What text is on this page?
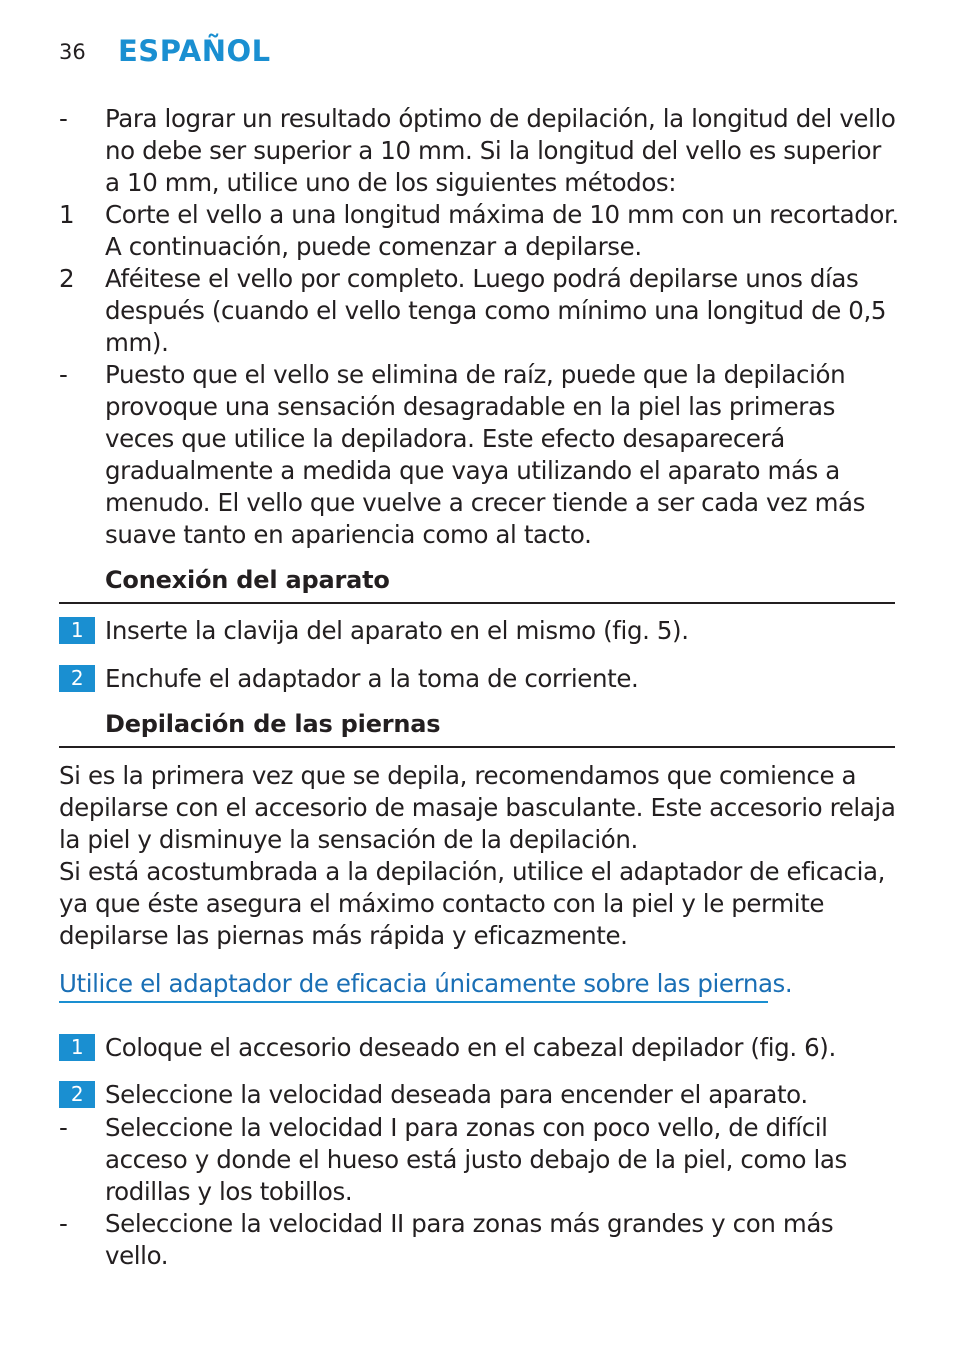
36 ESPAÑOL
- Para lograr un resultado óptimo de depilación, la longitud del vello no debe ser superior a 10 mm. Si la longitud del vello es superior a 10 mm, utilice uno de los siguientes métodos:
1 Corte el vello a una longitud máxima de 10 mm con un recortador. A continuación, puede comenzar a depilarse.
2 Aféitese el vello por completo. Luego podrá depilarse unos días después (cuando el vello tenga como mínimo una longitud de 0,5 mm).
- Puesto que el vello se elimina de raíz, puede que la depilación provoque una sensación desagradable en la piel las primeras veces que utilice la depiladora. Este efecto desaparecerá gradualmente a medida que vaya utilizando el aparato más a menudo. El vello que vuelve a crecer tiende a ser cada vez más suave tanto en apariencia como al tacto.
Conexión del aparato
1 Inserte la clavija del aparato en el mismo (fig. 5).
2 Enchufe el adaptador a la toma de corriente.
Depilación de las piernas
Si es la primera vez que se depila, recomendamos que comience a depilarse con el accesorio de masaje basculante. Este accesorio relaja la piel y disminuye la sensación de la depilación.
Si está acostumbrada a la depilación, utilice el adaptador de eficacia, ya que éste asegura el máximo contacto con la piel y le permite depilarse las piernas más rápida y eficazmente.
Utilice el adaptador de eficacia únicamente sobre las piernas.
1 Coloque el accesorio deseado en el cabezal depilador (fig. 6).
2 Seleccione la velocidad deseada para encender el aparato.
- Seleccione la velocidad I para zonas con poco vello, de difícil acceso y donde el hueso está justo debajo de la piel, como las rodillas y los tobillos.
- Seleccione la velocidad II para zonas más grandes y con más vello.
